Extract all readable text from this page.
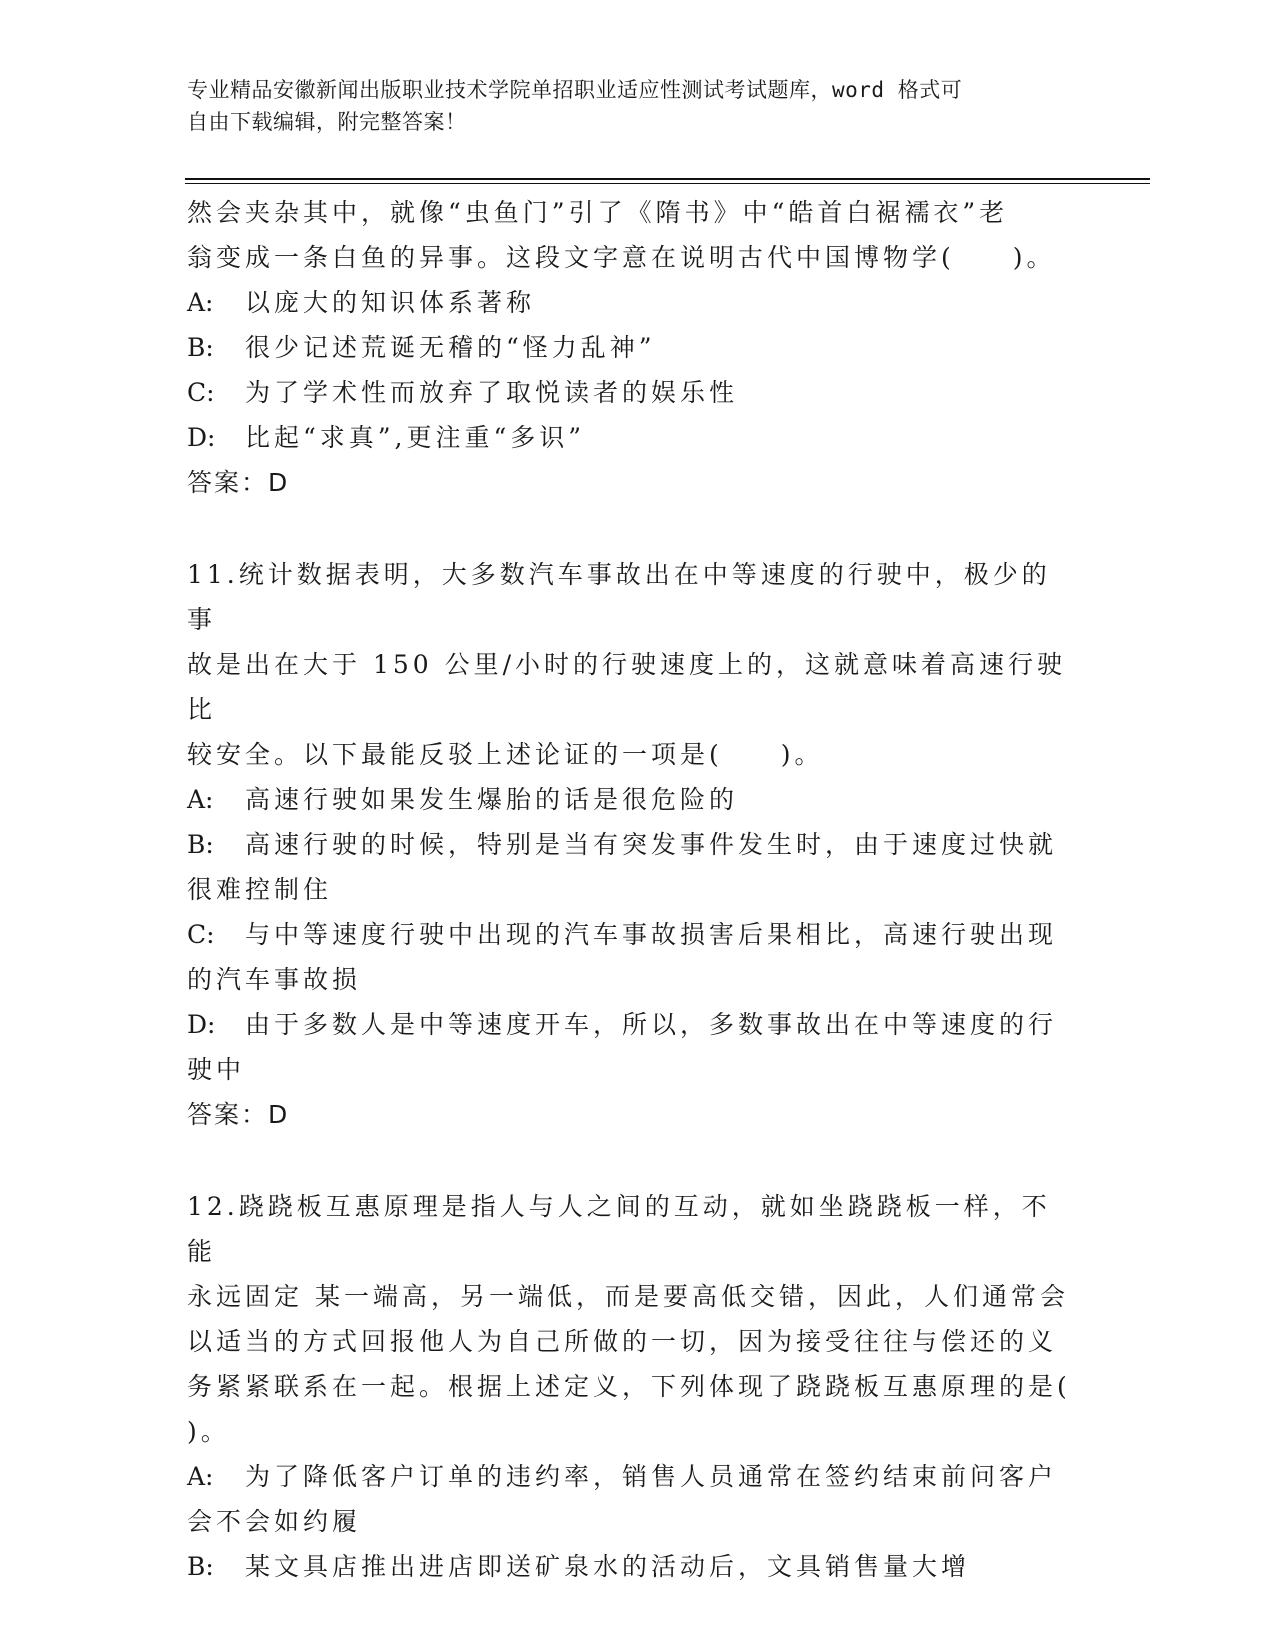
专业精品安徽新闻出版职业技术学院单招职业适应性测试考试题库，word 格式可
自由下载编辑，附完整答案！
然会夹杂其中，就像“虫鱼门”引了《隋书》中“皓首白裾襦衣”老
翁变成一条白鱼的异事。这段文字意在说明古代中国博物学(　　)。
A: 以庞大的知识体系著称
B: 很少记述荒诞无稽的“怪力乱神”
C: 为了学术性而放弃了取悦读者的娱乐性
D: 比起“求真”,更注重“多识”
答案：D
11.统计数据表明，大多数汽车事故出在中等速度的行驶中，极少的事
故是出在大于 150 公里/小时的行驶速度上的，这就意味着高速行驶比
较安全。以下最能反驳上述论证的一项是(　　)。
A: 高速行驶如果发生爆胎的话是很危险的
B: 高速行驶的时候，特别是当有突发事件发生时，由于速度过快就
很难控制住
C: 与中等速度行驶中出现的汽车事故损害后果相比，高速行驶出现
的汽车事故损
D: 由于多数人是中等速度开车，所以，多数事故出在中等速度的行
驶中
答案：D
12.跷跷板互惠原理是指人与人之间的互动，就如坐跷跷板一样，不能
永远固定 某一端高，另一端低，而是要高低交错，因此，人们通常会
以适当的方式回报他人为自己所做的一切，因为接受往往与偿还的义
务紧紧联系在一起。根据上述定义，下列体现了跷跷板互惠原理的是(
)。
A: 为了降低客户订单的违约率，销售人员通常在签约结束前问客户
会不会如约履
B: 某文具店推出进店即送矿泉水的活动后，文具销售量大增
